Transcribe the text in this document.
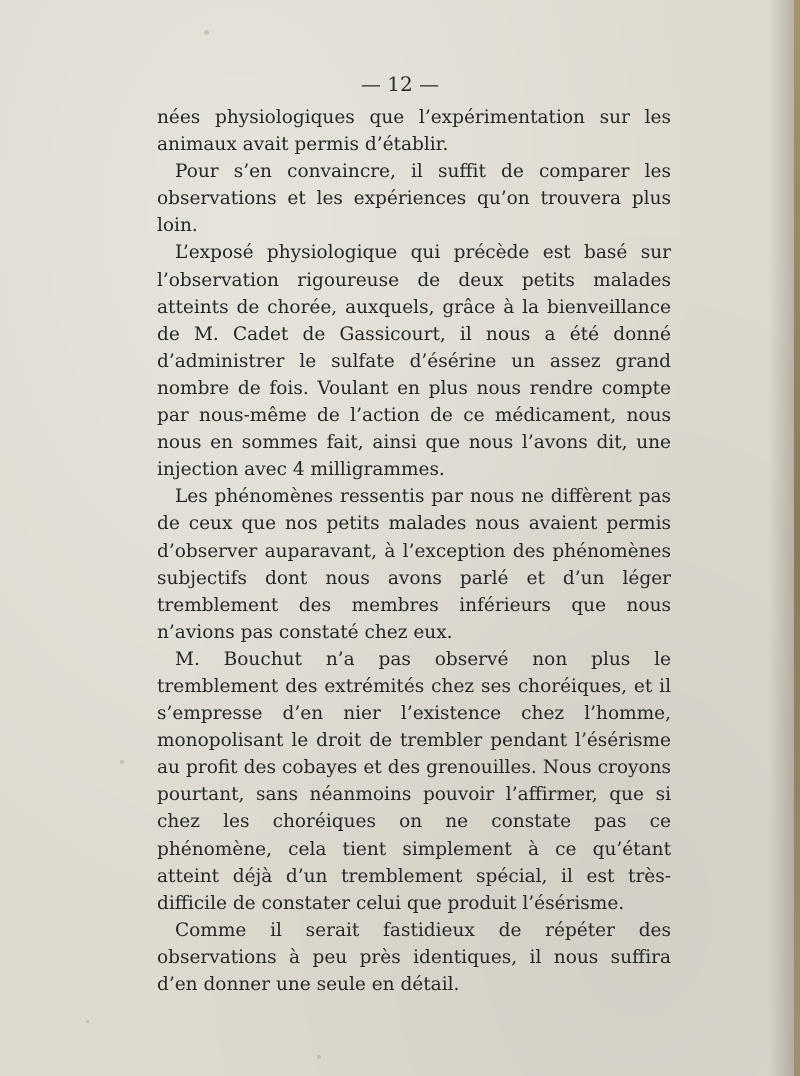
— 12 —

nées physiologiques que l’expérimentation sur les animaux avait permis d’établir.

Pour s’en convaincre, il suffit de comparer les observations et les expériences qu’on trouvera plus loin.

L’exposé physiologique qui précède est basé sur l’observation rigoureuse de deux petits malades atteints de chorée, auxquels, grâce à la bienveillance de M. Cadet de Gassicourt, il nous a été donné d’administrer le sulfate d’ésérine un assez grand nombre de fois. Voulant en plus nous rendre compte par nous-même de l’action de ce médicament, nous nous en sommes fait, ainsi que nous l’avons dit, une injection avec 4 milligrammes.

Les phénomènes ressentis par nous ne diffèrent pas de ceux que nos petits malades nous avaient permis d’observer auparavant, à l’exception des phénomènes subjectifs dont nous avons parlé et d’un léger tremblement des membres inférieurs que nous n’avions pas constaté chez eux.

M. Bouchut n’a pas observé non plus le tremblement des extrémités chez ses choréiques, et il s’empresse d’en nier l’existence chez l’homme, monopolisant le droit de trembler pendant l’ésérisme au profit des cobayes et des grenouilles. Nous croyons pourtant, sans néanmoins pouvoir l’affirmer, que si chez les choréiques on ne constate pas ce phénomène, cela tient simplement à ce qu’étant atteint déjà d’un tremblement spécial, il est très-difficile de constater celui que produit l’ésérisme.

Comme il serait fastidieux de répéter des observations à peu près identiques, il nous suffira d’en donner une seule en détail.
